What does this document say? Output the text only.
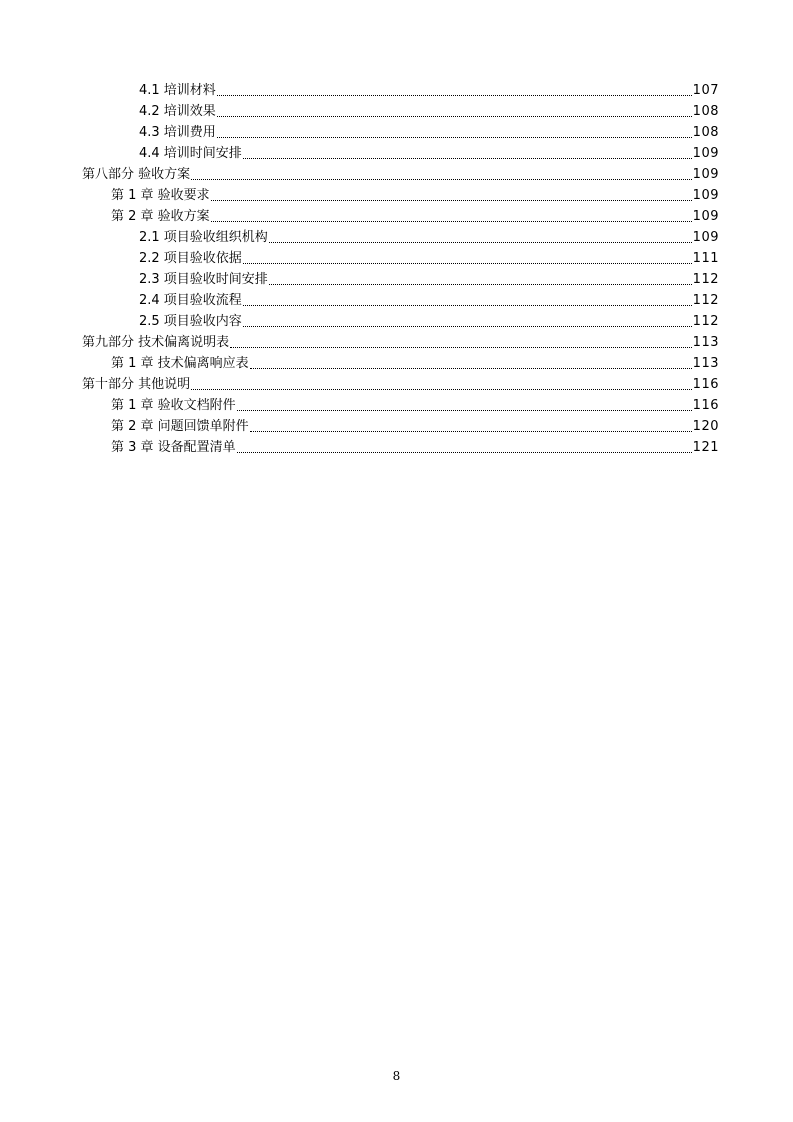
4.1 培训材料	107
4.2 培训效果	108
4.3 培训费用	108
4.4 培训时间安排	109
第八部分 验收方案	109
第 1 章 验收要求	109
第 2 章 验收方案	109
2.1 项目验收组织机构	109
2.2 项目验收依据	111
2.3 项目验收时间安排	112
2.4 项目验收流程	112
2.5 项目验收内容	112
第九部分 技术偏离说明表	113
第 1 章 技术偏离响应表	113
第十部分 其他说明	116
第 1 章 验收文档附件	116
第 2 章 问题回馈单附件	120
第 3 章 设备配置清单	121
8
